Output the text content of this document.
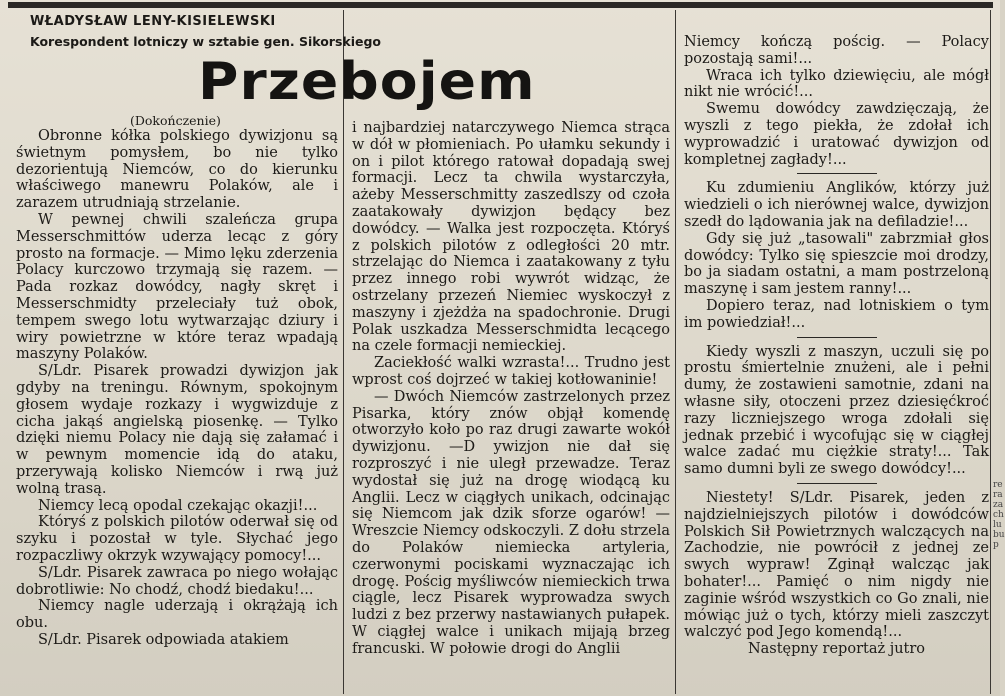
WŁADYSŁAW LENY-KISIELEWSKI
Korespondent lotniczy w sztabie gen. Sikorskiego
Przebojem
(Dokończenie)

Obronne kółka polskiego dywizjonu są świetnym pomysłem, bo nie tylko dezorientują Niemców, co do kierunku właściwego manewru Polaków, ale i zarazem utrudniają strzelanie.

W pewnej chwili szaleńcza grupa Messerschmittów uderza lecąc z góry prosto na formacje. — Mimo lęku zderzenia Polacy kurczowo trzymają się razem. — Pada rozkaz dowódcy, nagły skręt i Messerschmidty przeleciały tuż obok, tempem swego lotu wytwarzając dziury i wiry powietrzne w które teraz wpadają maszyny Polaków.

S/Ldr. Pisarek prowadzi dywizjon jak gdyby na treningu. Równym, spokojnym głosem wydaje rozkazy i wygwizduje z cicha jakąś angielską piosenkę. — Tylko dzięki niemu Polacy nie dają się załamać i w pewnym momencie idą do ataku, przerywają kolisko Niemców i rwą już wolną trasą.

Niemcy lecą opodal czekając okazji!...

Któryś z polskich pilotów oderwał się od szyku i pozostał w tyle. Słychać jego rozpaczliwy okrzyk wzywający pomocy!...

S/Ldr. Pisarek zawraca po niego wołając dobrotliwie: No chodź, chodź biedaku!...

Niemcy nagle uderzają i okrążają ich obu.

S/Ldr. Pisarek odpowiada atakiem

i najbardziej natarczywego Niemca strąca w dół w płomieniach. Po ułamku sekundy i on i pilot którego ratował dopadają swej formacji. Lecz ta chwila wystarczyła, ażeby Messerschmitty zaszedlszy od czoła zaatakowały dywizjon będący bez dowódcy. — Walka jest rozpoczęta. Któryś z polskich pilotów z odległości 20 mtr. strzelając do Niemca i zaatakowany z tyłu przez innego robi wywrót widząc, że ostrzelany przezeń Niemiec wyskoczył z maszyny i zjeżdża na spadochronie. Drugi Polak uszkadza Messerschmidta lecącego na czele formacji nemieckiej.

Zaciekłość walki wzrasta!... Trudno jest wprost coś dojrzeć w takiej kotłowaninie!

— Dwóch Niemców zastrzelonych przez Pisarka, który znów objął komendę otworzyło koło po raz drugi zawarte wokół dywizjonu. —D ywizjon nie dał się rozproszyć i nie uległ przewadze. Teraz wydostał się już na drogę wiodącą ku Anglii. Lecz w ciągłych unikach, odcinając się Niemcom jak dzik sforze ogarów! — Wreszcie Niemcy odskoczyli. Z dołu strzela do Polaków niemiecka artyleria, czerwonymi pociskami wyznaczając ich drogę. Pościg myśliwców niemieckich trwa ciągle, lecz Pisarek wyprowadza swych ludzi z bez przerwy nastawianych pułapek. W ciągłej walce i unikach mijają brzeg francuski. W połowie drogi do Anglii

Niemcy kończą pościg. — Polacy pozostają sami!...

Wraca ich tylko dziewięciu, ale mógł nikt nie wrócić!...

Swemu dowódcy zawdzięczają, że wyszli z tego piekła, że zdołał ich wyprowadzić i uratować dywizjon od kompletnej zagłady!...

Ku zdumieniu Anglików, którzy już wiedzieli o ich nierównej walce, dywizjon szedł do lądowania jak na defiladzie!...

Gdy się już „tasowali" zabrzmiał głos dowódcy: Tylko się spieszcie moi drodzy, bo ja siadam ostatni, a mam postrzeloną maszynę i sam jestem ranny!...

Dopiero teraz, nad lotniskiem o tym im powiedział!...

Kiedy wyszli z maszyn, uczuli się po prostu śmiertelnie znużeni, ale i pełni dumy, że zostawieni samotnie, zdani na własne siły, otoczeni przez dziesięćkroć razy liczniejszego wroga zdołali się jednak przebić i wycofując się w ciągłej walce zadać mu ciężkie straty!... Tak samo dumni byli ze swego dowódcy!...

Niestety! S/Ldr. Pisarek, jeden z najdzielniejszych pilotów i dowódców Polskich Sił Powietrznych walczących na Zachodzie, nie powrócił z jednej ze swych wypraw! Zginął walcząc jak bohater!... Pamięć o nim nigdy nie zaginie wśród wszystkich co Go znali, nie mówiąc już o tych, którzy mieli zaszczyt walczyć pod Jego komendą!...

Następny reportaż jutro

re ra za ch lu bu p
